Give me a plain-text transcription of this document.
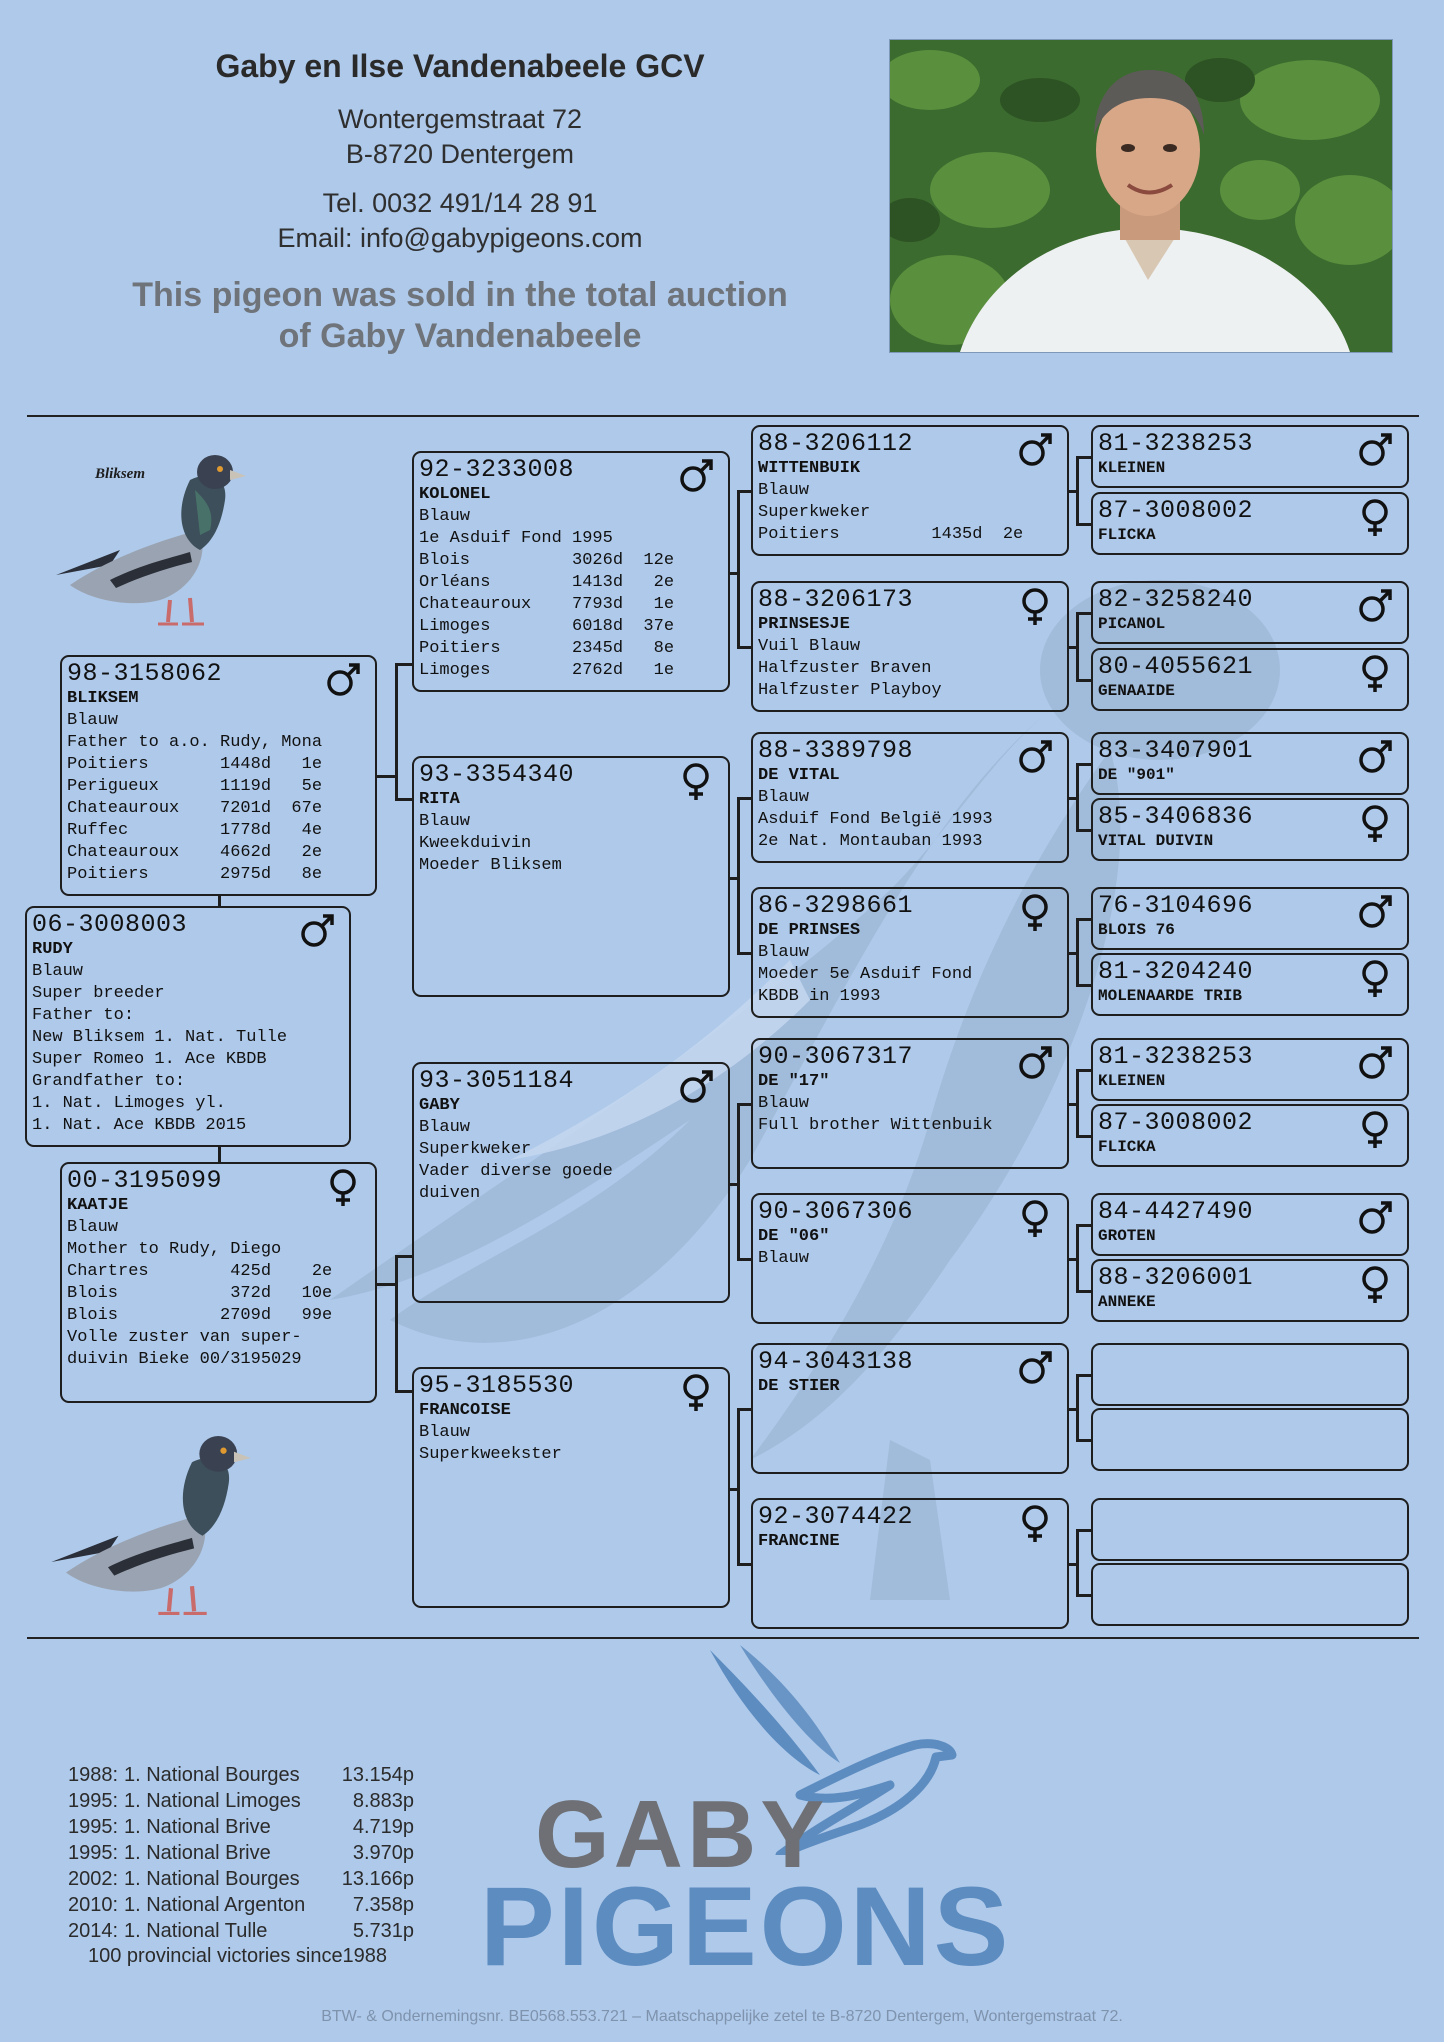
Gaby en Ilse Vandenabeele GCV
Wontergemstraat 72
B-8720 Dentergem
Tel. 0032 491/14 28 91
Email: info@gabypigeons.com
This pigeon was sold in the total auction
of Gaby Vandenabeele
Bliksem
06-3008003
RUDY
Blauw
Super breeder
Father to:
New Bliksem 1. Nat. Tulle
Super Romeo 1. Ace KBDB
Grandfather to:
1. Nat. Limoges yl.
1. Nat. Ace KBDB 2015
98-3158062
BLIKSEM
Blauw
Father to a.o. Rudy, Mona
Poitiers       1448d   1e
Perigueux      1119d   5e
Chateauroux    7201d  67e
Ruffec         1778d   4e
Chateauroux    4662d   2e
Poitiers       2975d   8e
00-3195099
KAATJE
Blauw
Mother to Rudy, Diego
Chartres        425d    2e
Blois           372d   10e
Blois          2709d   99e
Volle zuster van super-
duivin Bieke 00/3195029
92-3233008
KOLONEL
Blauw
1e Asduif Fond 1995
Blois          3026d  12e
Orléans        1413d   2e
Chateauroux    7793d   1e
Limoges        6018d  37e
Poitiers       2345d   8e
Limoges        2762d   1e
93-3354340
RITA
Blauw
Kweekduivin
Moeder Bliksem
93-3051184
GABY
Blauw
Superkweker
Vader diverse goede
duiven
95-3185530
FRANCOISE
Blauw
Superkweekster
88-3206112
WITTENBUIK
Blauw
Superkweker
Poitiers         1435d  2e
88-3206173
PRINSESJE
Vuil Blauw
Halfzuster Braven
Halfzuster Playboy
88-3389798
DE VITAL
Blauw
Asduif Fond België 1993
2e Nat. Montauban 1993
86-3298661
DE PRINSES
Blauw
Moeder 5e Asduif Fond
KBDB in 1993
90-3067317
DE "17"
Blauw
Full brother Wittenbuik
90-3067306
DE "06"
Blauw
94-3043138
DE STIER
92-3074422
FRANCINE
81-3238253
KLEINEN
87-3008002
FLICKA
82-3258240
PICANOL
80-4055621
GENAAIDE
83-3407901
DE "901"
85-3406836
VITAL DUIVIN
76-3104696
BLOIS 76
81-3204240
MOLENAARDE TRIB
81-3238253
KLEINEN
87-3008002
FLICKA
84-4427490
GROTEN
88-3206001
ANNEKE
1988: 1. National Bourges	13.154p
1995: 1. National Limoges	8.883p
1995: 1. National Brive	4.719p
1995: 1. National Brive	3.970p
2002: 1. National Bourges	13.166p
2010: 1. National Argenton	7.358p
2014: 1. National Tulle	5.731p
100 provincial victories since1988
GABY
PIGEONS
BTW- & Ondernemingsnr. BE0568.553.721 – Maatschappelijke zetel te B-8720 Dentergem, Wontergemstraat 72.
